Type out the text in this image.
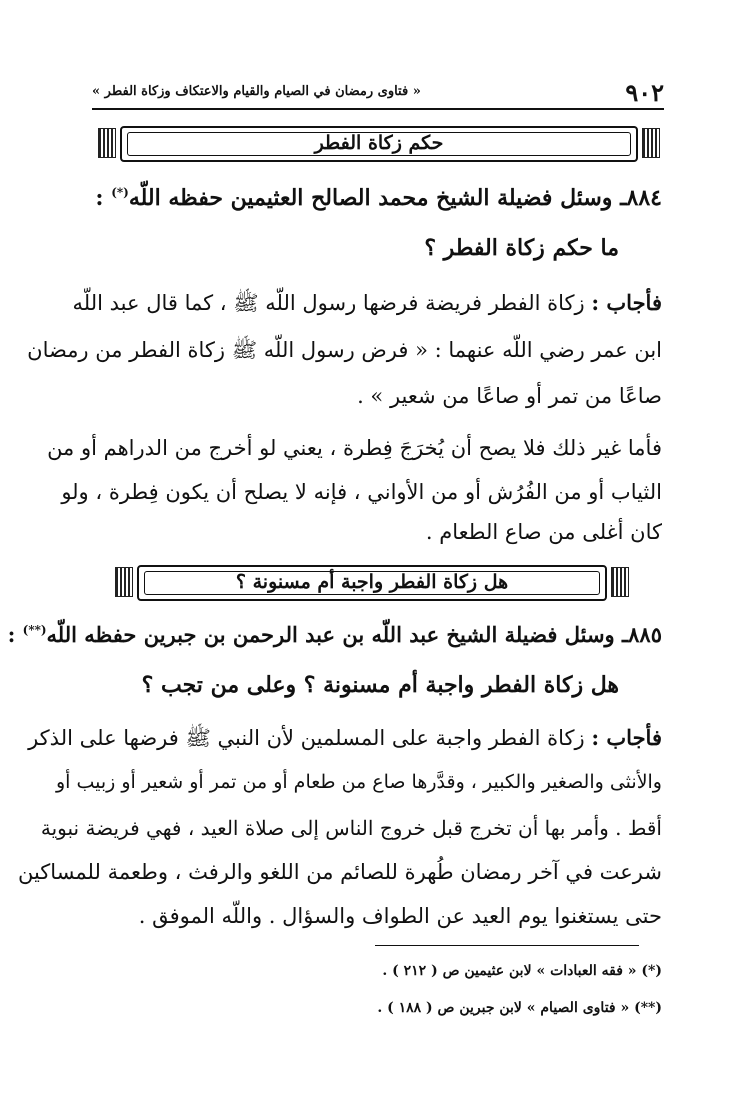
٩٠٢
« فتاوى رمضان في الصيام والقيام والاعتكاف وزكاة الفطر »
حكم زكاة الفطر
٨٨٤ـ وسئل فضيلة الشيخ محمد الصالح العثيمين حفظه اللّه(*) :
ما حكم زكاة الفطر ؟
فأجاب : زكاة الفطر فريضة فرضها رسول اللّه ﷺ ، كما قال عبد اللّه
ابن عمر رضي اللّه عنهما : « فرض رسول اللّه ﷺ زكاة الفطر من رمضان
صاعًا من تمر أو صاعًا من شعير » .
فأما غير ذلك فلا يصح أن يُخرَجَ فِطرة ، يعني لو أخرج من الدراهم أو من
الثياب أو من الفُرُش أو من الأواني ، فإنه لا يصلح أن يكون فِطرة ، ولو
كان أغلى من صاع الطعام .
هل زكاة الفطر واجبة أم مسنونة ؟
٨٨٥ـ وسئل فضيلة الشيخ عبد اللّه بن عبد الرحمن بن جبرين حفظه اللّه(**) :
هل زكاة الفطر واجبة أم مسنونة ؟ وعلى من تجب ؟
فأجاب : زكاة الفطر واجبة على المسلمين لأن النبي ﷺ فرضها على الذكر
والأنثى والصغير والكبير ، وقدَّرها صاع من طعام أو من تمر أو شعير أو زبيب أو
أقط . وأمر بها أن تخرج قبل خروج الناس إلى صلاة العيد ، فهي فريضة نبوية
شرعت في آخر رمضان طُهرة للصائم من اللغو والرفث ، وطعمة للمساكين
حتى يستغنوا يوم العيد عن الطواف والسؤال . واللّه الموفق .
(*) « فقه العبادات » لابن عثيمين ص ( ٢١٢ ) .
(**) « فتاوى الصيام » لابن جبرين ص ( ١٨٨ ) .
